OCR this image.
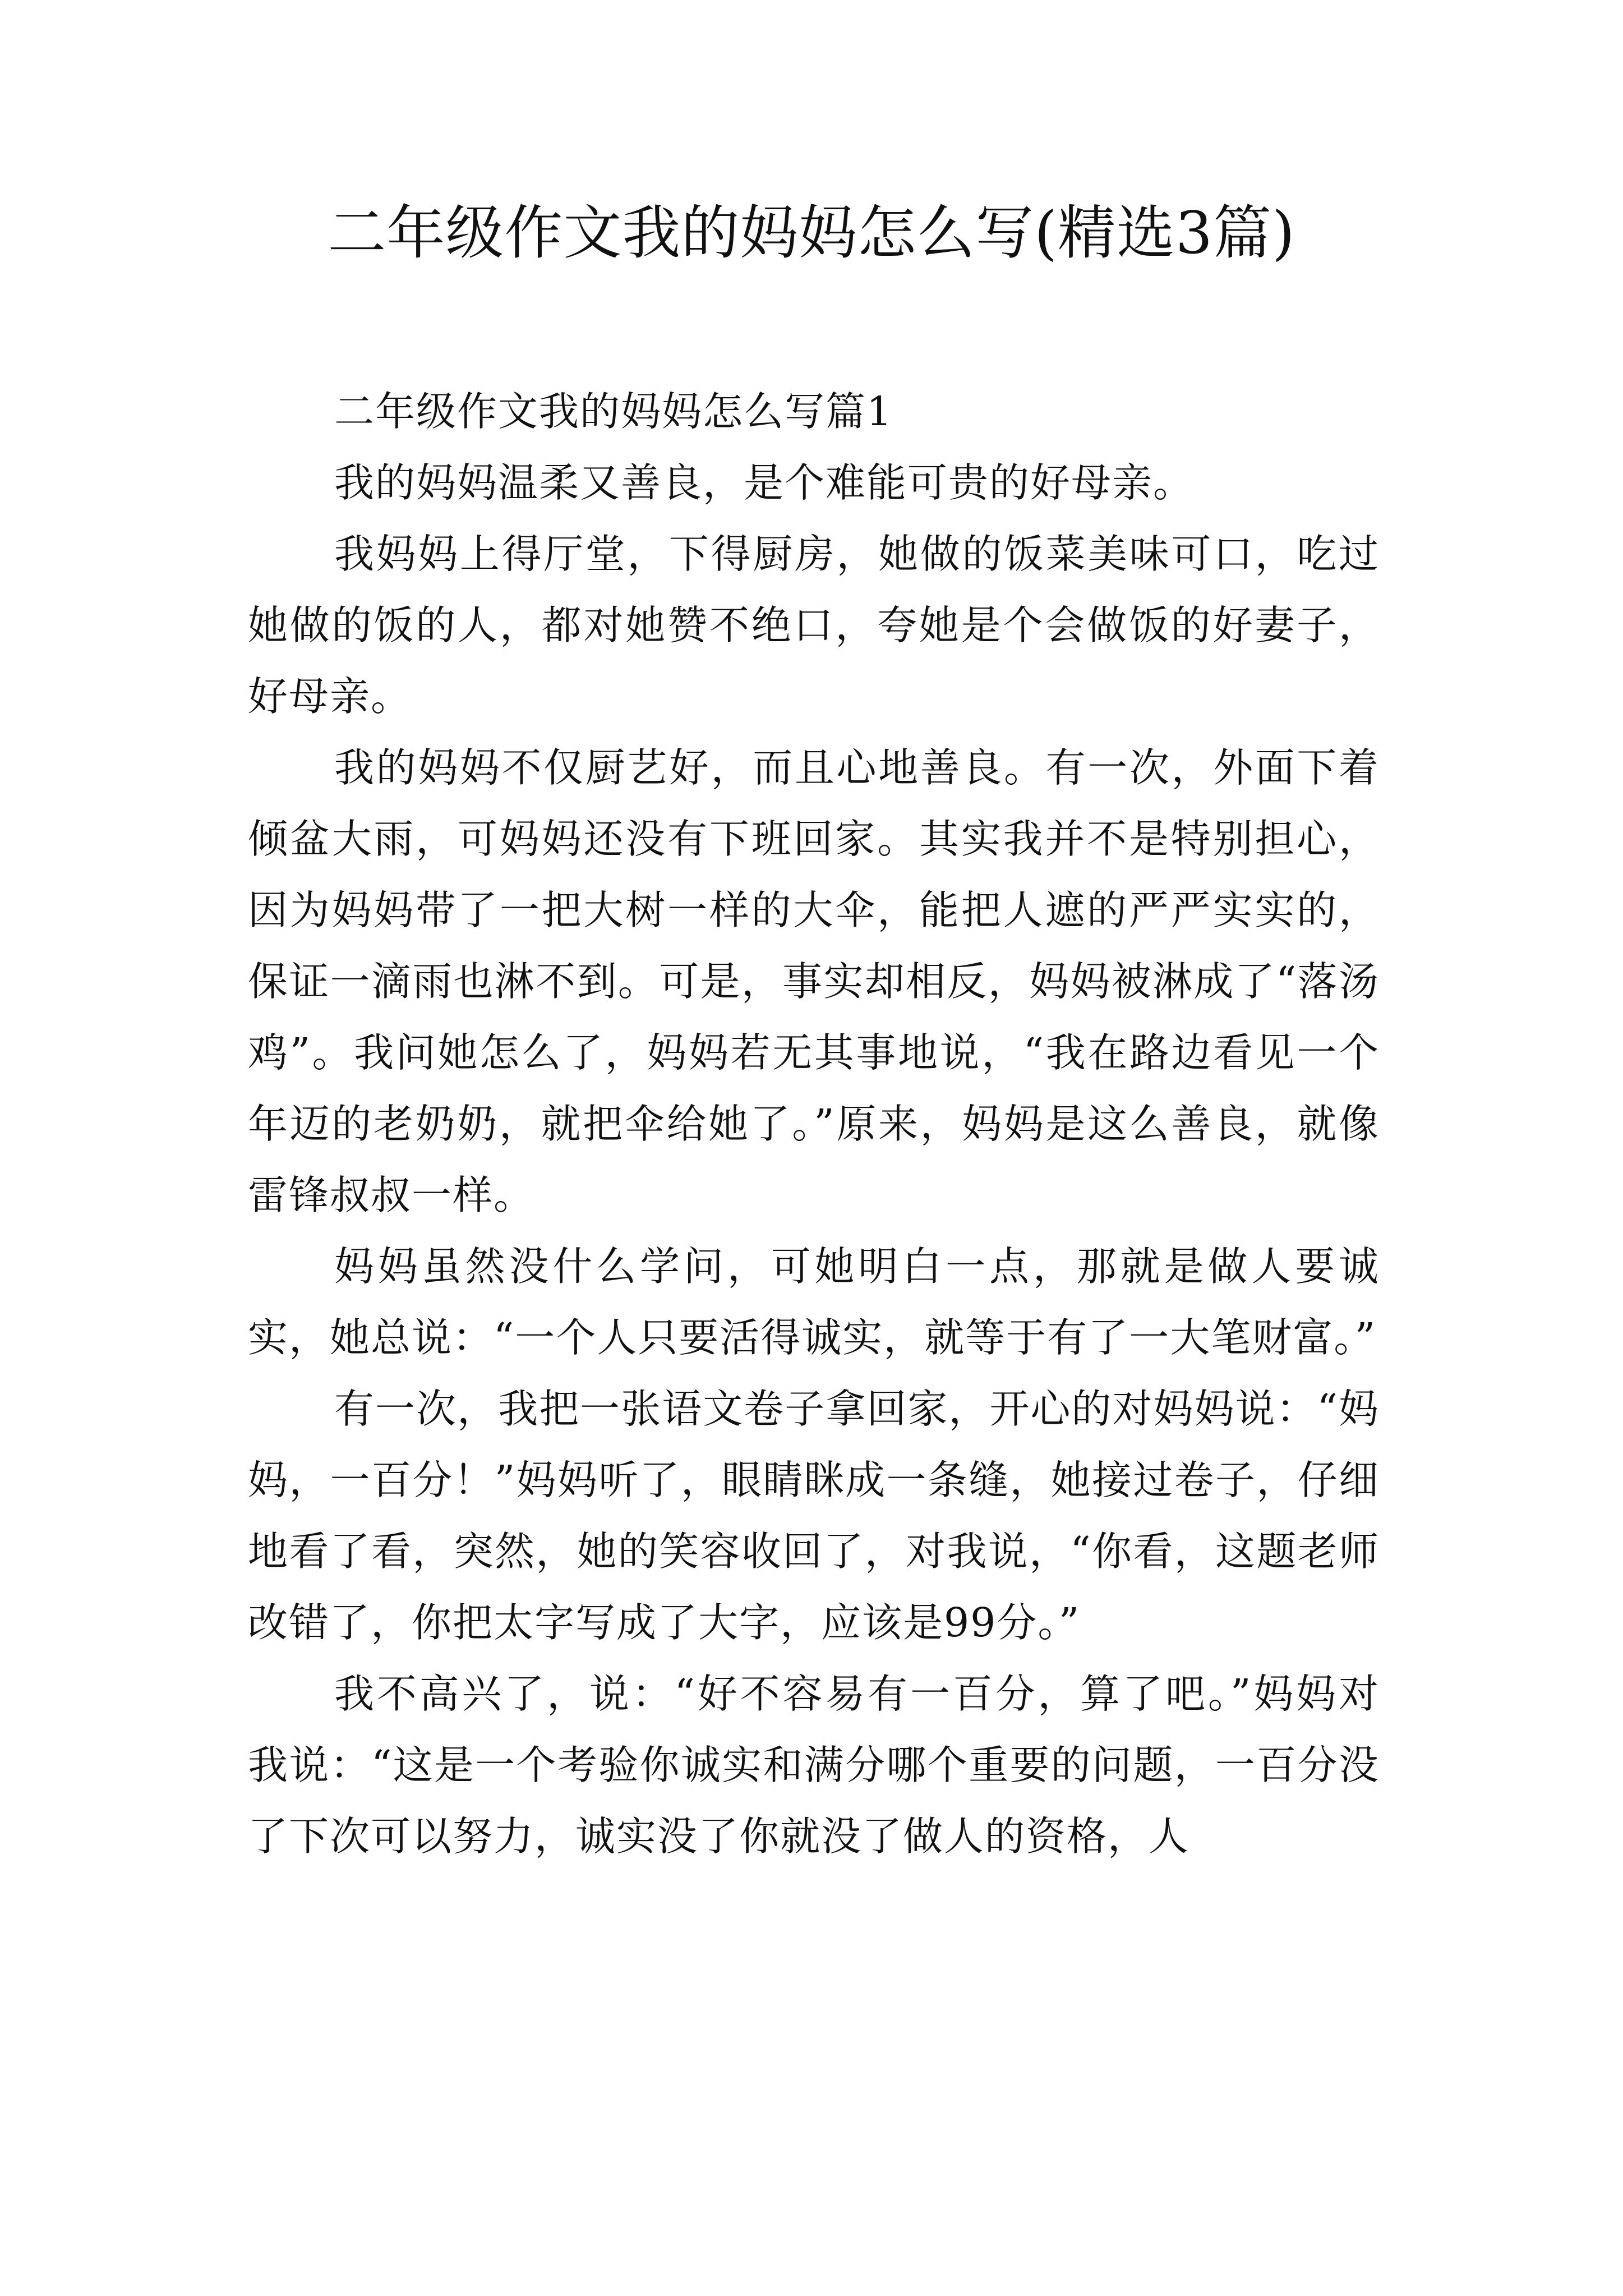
二年级作文我的妈妈怎么写(精选3篇)

二年级作文我的妈妈怎么写篇1

我的妈妈温柔又善良，是个难能可贵的好母亲。

我妈妈上得厅堂，下得厨房，她做的饭菜美味可口，吃过她做的饭的人，都对她赞不绝口，夸她是个会做饭的好妻子，好母亲。

我的妈妈不仅厨艺好，而且心地善良。有一次，外面下着倾盆大雨，可妈妈还没有下班回家。其实我并不是特别担心，因为妈妈带了一把大树一样的大伞，能把人遮的严严实实的，保证一滴雨也淋不到。可是，事实却相反，妈妈被淋成了“落汤鸡”。我问她怎么了，妈妈若无其事地说，“我在路边看见一个年迈的老奶奶，就把伞给她了。”原来，妈妈是这么善良，就像雷锋叔叔一样。

妈妈虽然没什么学问，可她明白一点，那就是做人要诚实，她总说：“一个人只要活得诚实，就等于有了一大笔财富。”

有一次，我把一张语文卷子拿回家，开心的对妈妈说：“妈妈，一百分！”妈妈听了，眼睛眯成一条缝，她接过卷子，仔细地看了看，突然，她的笑容收回了，对我说，“你看，这题老师改错了，你把太字写成了大字，应该是99分。”

我不高兴了，说：“好不容易有一百分，算了吧。”妈妈对我说：“这是一个考验你诚实和满分哪个重要的问题，一百分没了下次可以努力，诚实没了你就没了做人的资格，人
